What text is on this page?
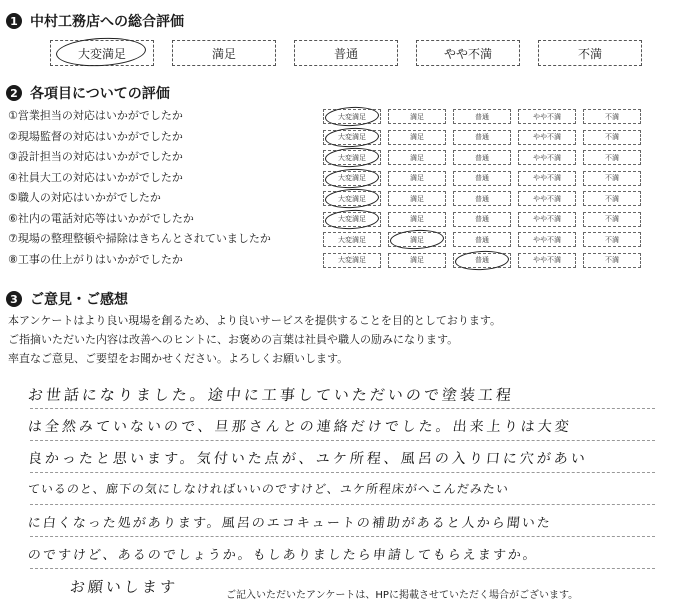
1 中村工務店への総合評価
大変満足	満足	普通	やや不満	不満
2 各項目についての評価
①営業担当の対応はいかがでしたか	大変満足	満足	普通	やや不満	不満
②現場監督の対応はいかがでしたか	大変満足	満足	普通	やや不満	不満
③設計担当の対応はいかがでしたか	大変満足	満足	普通	やや不満	不満
④社員大工の対応はいかがでしたか	大変満足	満足	普通	やや不満	不満
⑤職人の対応はいかがでしたか	大変満足	満足	普通	やや不満	不満
⑥社内の電話対応等はいかがでしたか	大変満足	満足	普通	やや不満	不満
⑦現場の整理整頓や掃除はきちんとされていましたか	大変満足	満足	普通	やや不満	不満
⑧工事の仕上がりはいかがでしたか	大変満足	満足	普通	やや不満	不満
3 ご意見・ご感想
本アンケートはより良い現場を創るため、より良いサービスを提供することを目的としております。
ご指摘いただいた内容は改善へのヒントに、お褒めの言葉は社員や職人の励みになります。
率直なご意見、ご要望をお聞かせください。よろしくお願いします。
お世話になりました。途中に工事していただいので塗装工程
は全然みていないので、旦那さんとの連絡だけでした。出来上りは大変
良かったと思います。気付いた点が、ユケ所程、風呂の入り口に穴があい
ているのと、廊下の気にしなければいいのですけど、ユケ所程床がへこんだみたい
に白くなった処があります。風呂のエコキュートの補助があると人から聞いた
のですけど、あるのでしょうか。もしありましたら申請してもらえますか。
お願いします	ご記入いただいたアンケートは、HPに掲載させていただく場合がございます。
